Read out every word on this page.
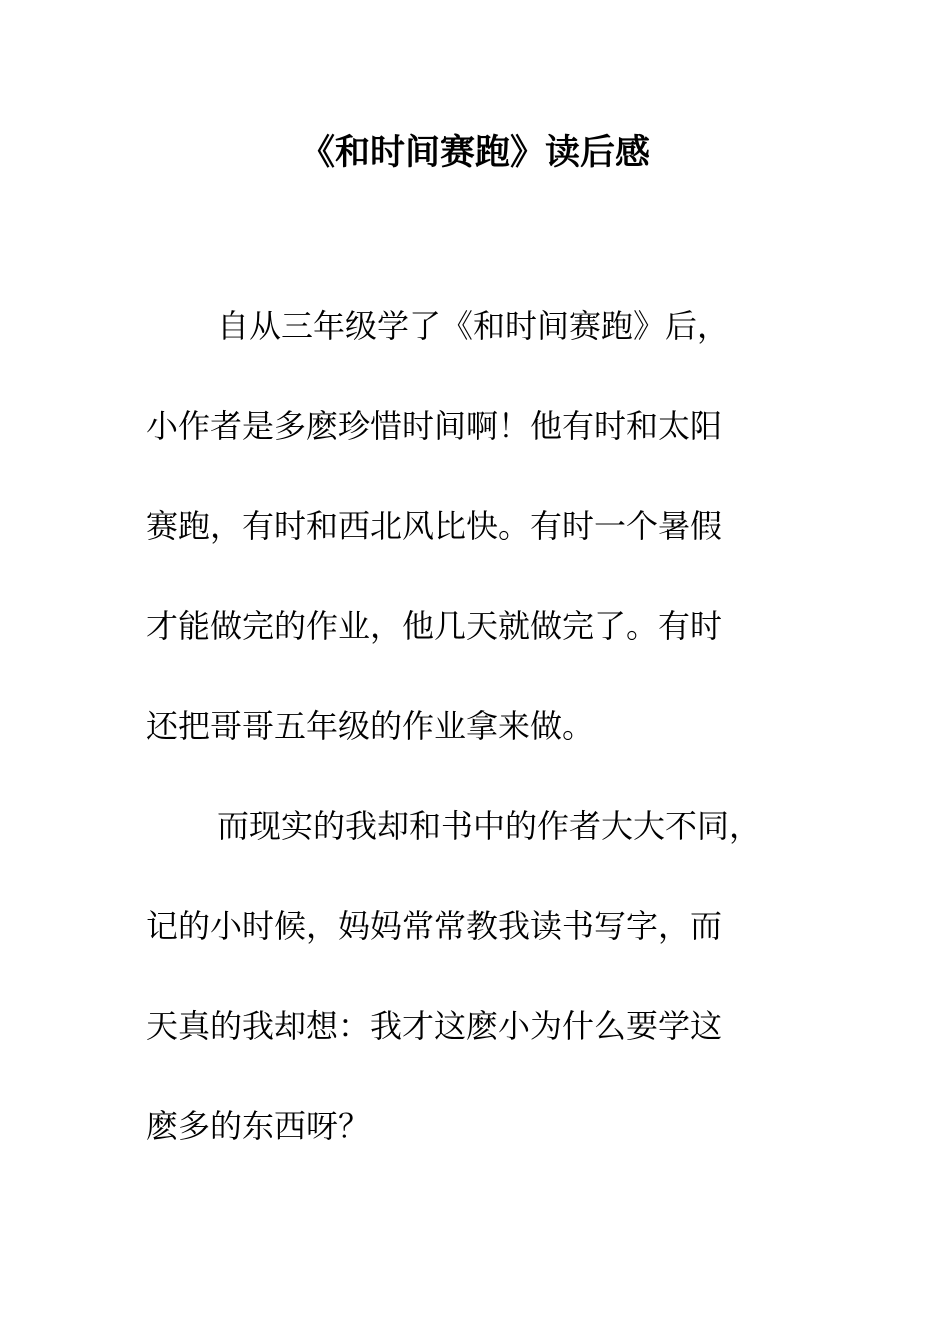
《和时间赛跑》读后感

自从三年级学了《和时间赛跑》后，

小作者是多麽珍惜时间啊！他有时和太阳

赛跑，有时和西北风比快。有时一个暑假

才能做完的作业，他几天就做完了。有时

还把哥哥五年级的作业拿来做。

而现实的我却和书中的作者大大不同，

记的小时候，妈妈常常教我读书写字，而

天真的我却想：我才这麽小为什么要学这

麽多的东西呀？
